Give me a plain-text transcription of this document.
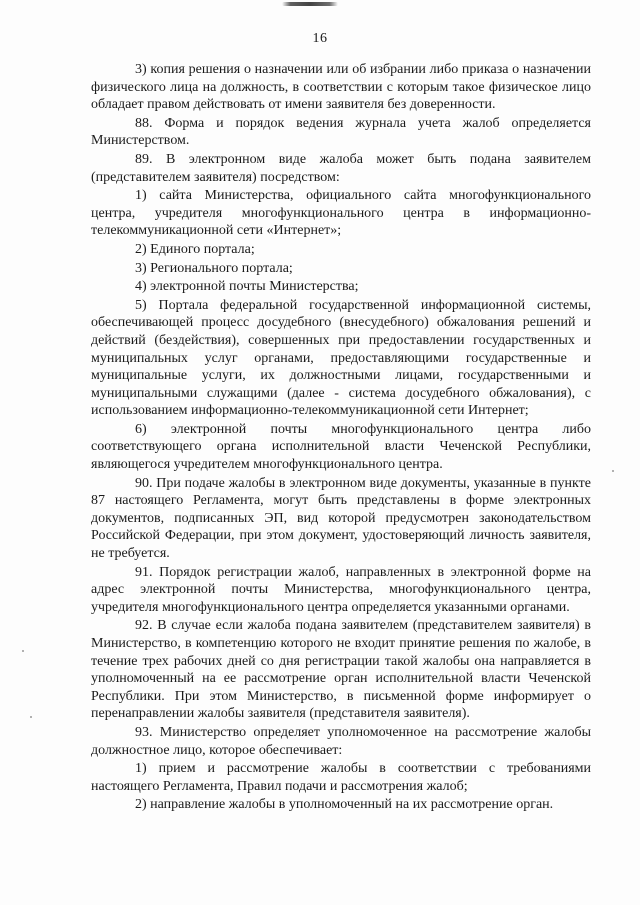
16

3) копия решения о назначении или об избрании либо приказа о назначении физического лица на должность, в соответствии с которым такое физическое лицо обладает правом действовать от имени заявителя без доверенности.

88. Форма и порядок ведения журнала учета жалоб определяется Министерством.

89. В электронном виде жалоба может быть подана заявителем (представителем заявителя) посредством:

1) сайта Министерства, официального сайта многофункционального центра, учредителя многофункционального центра в информационно-телекоммуникационной сети «Интернет»;

2) Единого портала;

3) Регионального портала;

4) электронной почты Министерства;

5) Портала федеральной государственной информационной системы, обеспечивающей процесс досудебного (внесудебного) обжалования решений и действий (бездействия), совершенных при предоставлении государственных и муниципальных услуг органами, предоставляющими государственные и муниципальные услуги, их должностными лицами, государственными и муниципальными служащими (далее - система досудебного обжалования), с использованием информационно-телекоммуникационной сети Интернет;

6) электронной почты многофункционального центра либо соответствующего органа исполнительной власти Чеченской Республики, являющегося учредителем многофункционального центра.

90. При подаче жалобы в электронном виде документы, указанные в пункте 87 настоящего Регламента, могут быть представлены в форме электронных документов, подписанных ЭП, вид которой предусмотрен законодательством Российской Федерации, при этом документ, удостоверяющий личность заявителя, не требуется.

91. Порядок регистрации жалоб, направленных в электронной форме на адрес электронной почты Министерства, многофункционального центра, учредителя многофункционального центра определяется указанными органами.

92. В случае если жалоба подана заявителем (представителем заявителя) в Министерство, в компетенцию которого не входит принятие решения по жалобе, в течение трех рабочих дней со дня регистрации такой жалобы она направляется в уполномоченный на ее рассмотрение орган исполнительной власти Чеченской Республики. При этом Министерство, в письменной форме информирует о перенаправлении жалобы заявителя (представителя заявителя).

93. Министерство определяет уполномоченное на рассмотрение жалобы должностное лицо, которое обеспечивает:

1) прием и рассмотрение жалобы в соответствии с требованиями настоящего Регламента, Правил подачи и рассмотрения жалоб;

2) направление жалобы в уполномоченный на их рассмотрение орган.
